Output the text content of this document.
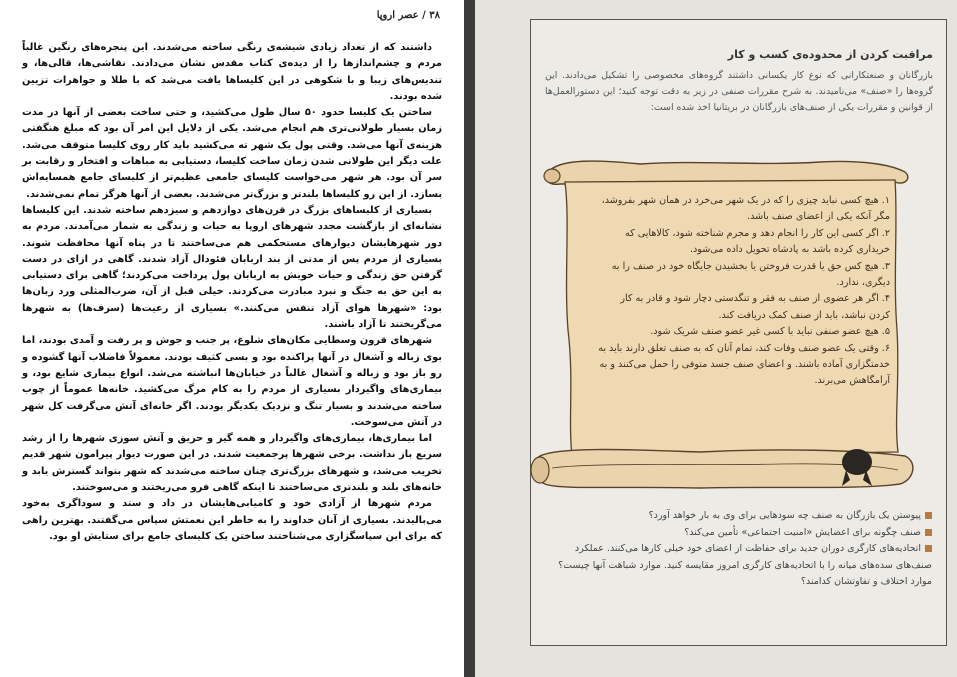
۳۸ / عصر اروپا

داشتند که از تعداد زیادی شیشه‌ی رنگی ساخته می‌شدند. این پنجره‌های رنگین غالباً مردم و چشم‌اندازها را از دیده‌ی کتاب مقدس نشان می‌دادند. نقاشی‌ها، قالی‌ها، و تندیس‌های زیبا و با شکوهی در این کلیساها یافت می‌شد که با طلا و جواهرات تزیین شده بودند.

ساختن یک کلیسا حدود ۵۰ سال طول می‌کشید، و حتی ساخت بعضی از آنها در مدت زمان بسیار طولانی‌تری هم انجام می‌شد. یکی از دلایل این امر آن بود که مبلغ هنگفتی هزینه‌ی آنها می‌شد. وقتی پول یک شهر ته می‌کشید باید کار روی کلیسا متوقف می‌شد. علت دیگر این طولانی شدن زمان ساخت کلیسا، دستیابی به مباهات و افتخار و رقابت بر سر آن بود. هر شهر می‌خواست کلیسای جامعی عظیم‌تر از کلیسای جامع همسایه‌اش بسازد. از این رو کلیساها بلندتر و بزرگ‌تر می‌شدند. بعضی از آنها هرگز تمام نمی‌شدند.

بسیاری از کلیساهای بزرگ در قرن‌های دوازدهم و سیزدهم ساخته شدند. این کلیساها نشانه‌ای از بازگشت مجدد شهرهای اروپا به حیات و زندگی به شمار می‌آمدند. مردم به دور شهرهایشان دیوارهای مستحکمی هم می‌ساختند تا در پناه آنها محافظت شوند. بسیاری از مردم پس از مدتی از بند اربابان فئودال آزاد شدند. گاهی در ازای در دست گرفتن حق زندگی و حیات خویش به اربابان پول پرداخت می‌کردند؛ گاهی برای دستیابی به این حق به جنگ و نبرد مبادرت می‌کردند. خیلی قبل از آن، ضرب‌المثلی ورد زبان‌ها بود: «شهرها هوای آزاد تنفس می‌کنند.» بسیاری از رعیت‌ها (سرف‌ها) به شهرها می‌گریختند تا آزاد باشند.

شهرهای قرون وسطایی مکان‌های شلوغ، پر جنب و جوش و پر رفت و آمدی بودند، اما بوی زباله و آشغال در آنها پراکنده بود و بسی کثیف بودند. معمولاً فاضلاب آنها گشوده و رو باز بود و زباله و آشغال غالباً در خیابان‌ها انباشته می‌شد. انواع بیماری شایع بود، و بیماری‌های واگیردار بسیاری از مردم را به کام مرگ می‌کشید. خانه‌ها عموماً از چوب ساخته می‌شدند و بسیار تنگ و نزدیک یکدیگر بودند. اگر خانه‌ای آتش می‌گرفت کل شهر در آتش می‌سوخت.

اما بیماری‌ها، بیماری‌های واگیردار و همه گیر و حریق و آتش سوزی شهرها را از رشد سریع باز نداشت. برخی شهرها پرجمعیت شدند. در این صورت دیوار پیرامون شهر قدیم تخریب می‌شد، و شهرهای بزرگ‌تری چنان ساخته می‌شدند که شهر بتواند گسترش یابد و خانه‌های بلند و بلندتری می‌ساختند تا اینکه گاهی فرو می‌ریختند و می‌سوختند.

مردم شهرها از آزادی خود و کامیابی‌هایشان در داد و ستد و سوداگری به‌خود می‌بالیدند. بسیاری از آنان خداوند را به خاطر این نعمتش سپاس می‌گفتند. بهترین راهی که برای این سپاسگزاری می‌شناختند ساختن یک کلیسای جامع برای ستایش او بود.

مراقبت کردن از محدوده‌ی کسب و کار
بازرگانان و صنعتکارانی که نوع کار یکسانی داشتند گروه‌های مخصوصی را تشکیل می‌دادند. این گروه‌ها را «صنف» می‌نامیدند. به شرح مقررات صنفی در زیر به دقت توجه کنید؛ این دستورالعمل‌ها از قوانین و مقررات یکی از صنف‌های بازرگانان در بریتانیا اخذ شده است:

۱. هیچ کسی نباید چیزی را که در یک شهر می‌خرد در همان شهر بفروشد، مگر آنکه یکی از اعضای صنف باشد.

۲. اگر کسی این کار را انجام دهد و مجرم شناخته شود، کالاهایی که خریداری کرده باشد به پادشاه تحویل داده می‌شود.

۳. هیچ کس حق یا قدرت فروختن یا بخشیدن جایگاه خود در صنف را به دیگری، ندارد.

۴. اگر هر عضوی از صنف به فقر و تنگدستی دچار شود و قادر به کار کردن نباشد، باید از صنف کمک دریافت کند.

۵. هیچ عضو صنفی نباید با کسی غیر عضو صنف شریک شود.

۶. وقتی یک عضو صنف وفات کند، تمام آنان که به صنف تعلق دارند باید به خدمتگزاری آماده باشند. و اعضای صنف جسد متوفی را حمل می‌کنند و به آرامگاهش می‌برند.

پیوستن یک بازرگان به صنف چه سودهایی برای وی به بار خواهد آورد؟

صنف چگونه برای اعضایش «امنیت اجتماعی» تأمین می‌کند؟

اتحادیه‌های کارگری دوران جدید برای حفاظت از اعضای خود خیلی کارها می‌کنند. عملکرد صنف‌های سده‌های میانه را با اتحادیه‌های کارگری امروز مقایسه کنید. موارد شباهت آنها چیست؟ موارد اختلاف و تفاوتشان کدامند؟
